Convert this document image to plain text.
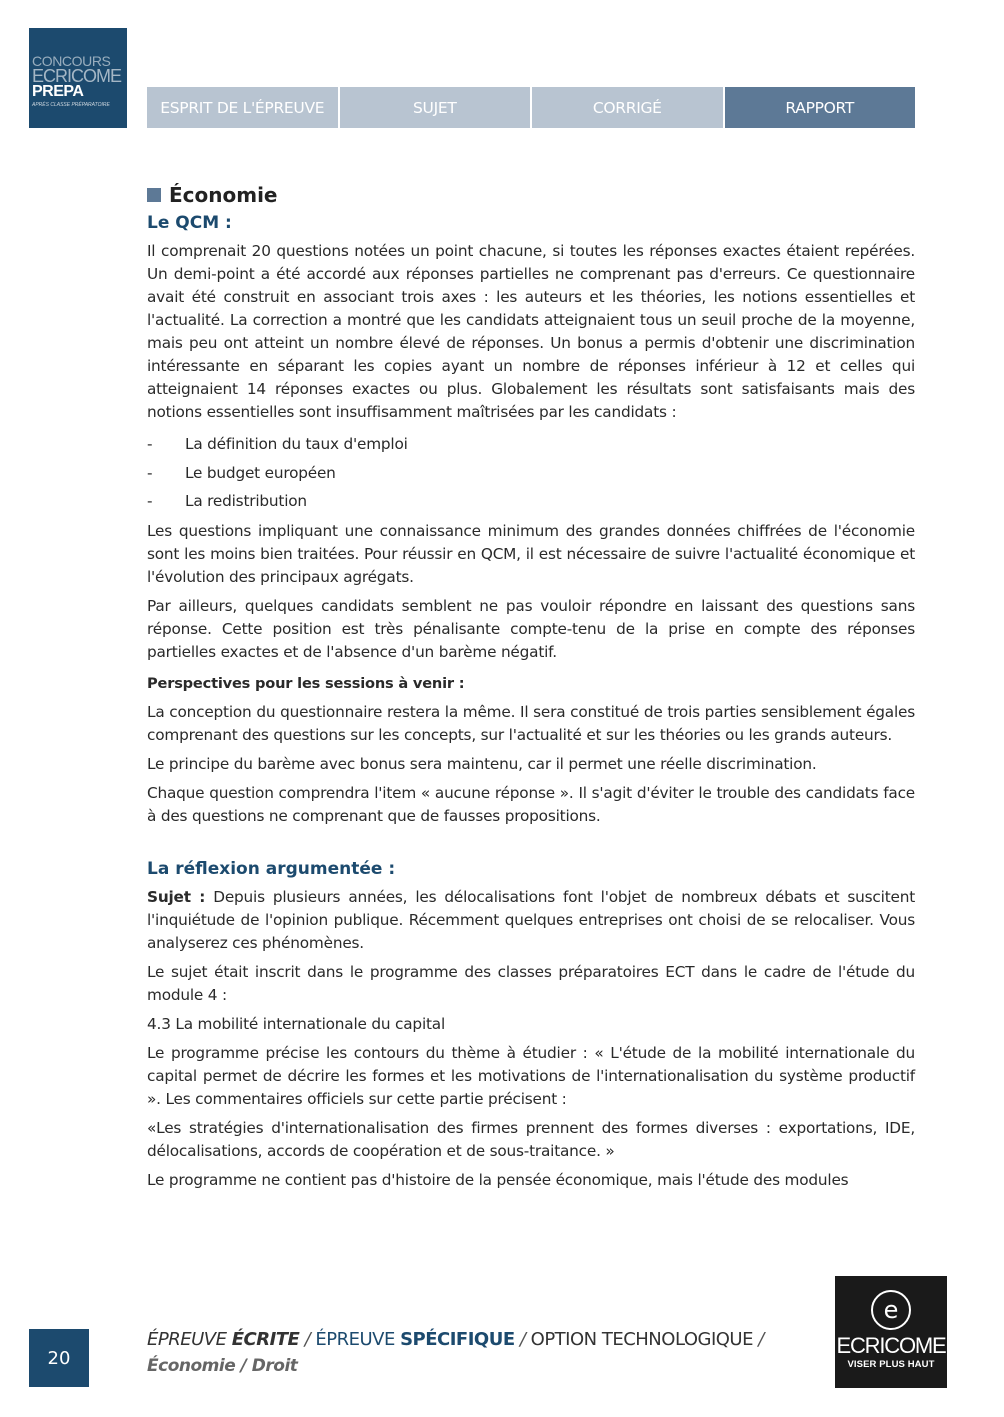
CONCOURS
ECRICOME
PREPA
APRÈS CLASSE PRÉPARATOIRE	ESPRIT DE L'ÉPREUVE	SUJET	CORRIGÉ	RAPPORT
Économie
Le QCM :

Il comprenait 20 questions notées un point chacune, si toutes les réponses exactes étaient repérées. Un demi-point a été accordé aux réponses partielles ne comprenant pas d'erreurs. Ce questionnaire avait été construit en associant trois axes : les auteurs et les théories, les notions essentielles et l'actualité. La correction a montré que les candidats atteignaient tous un seuil proche de la moyenne, mais peu ont atteint un nombre élevé de réponses. Un bonus a permis d'obtenir une discrimination intéressante en séparant les copies ayant un nombre de réponses inférieur à 12 et celles qui atteignaient 14 réponses exactes ou plus. Globalement les résultats sont satisfaisants mais des notions essentielles sont insuffisamment maîtrisées par les candidats :

- La définition du taux d'emploi
- Le budget européen
- La redistribution

Les questions impliquant une connaissance minimum des grandes données chiffrées de l'économie sont les moins bien traitées. Pour réussir en QCM, il est nécessaire de suivre l'actualité économique et l'évolution des principaux agrégats.

Par ailleurs, quelques candidats semblent ne pas vouloir répondre en laissant des questions sans réponse. Cette position est très pénalisante compte-tenu de la prise en compte des réponses partielles exactes et de l'absence d'un barème négatif.

Perspectives pour les sessions à venir :

La conception du questionnaire restera la même. Il sera constitué de trois parties sensiblement égales comprenant des questions sur les concepts, sur l'actualité et sur les théories ou les grands auteurs.

Le principe du barème avec bonus sera maintenu, car il permet une réelle discrimination.

Chaque question comprendra l'item « aucune réponse ». Il s'agit d'éviter le trouble des candidats face à des questions ne comprenant que de fausses propositions.

La réflexion argumentée :

Sujet : Depuis plusieurs années, les délocalisations font l'objet de nombreux débats et suscitent l'inquiétude de l'opinion publique. Récemment quelques entreprises ont choisi de se relocaliser. Vous analyserez ces phénomènes.

Le sujet était inscrit dans le programme des classes préparatoires ECT dans le cadre de l'étude du module 4 :

4.3 La mobilité internationale du capital

Le programme précise les contours du thème à étudier : « L'étude de la mobilité internationale du capital permet de décrire les formes et les motivations de l'internationalisation du système productif ». Les commentaires officiels sur cette partie précisent :

«Les stratégies d'internationalisation des firmes prennent des formes diverses : exportations, IDE, délocalisations, accords de coopération et de sous-traitance. »

Le programme ne contient pas d'histoire de la pensée économique, mais l'étude des modules

20
ÉPREUVE ÉCRITE / ÉPREUVE SPÉCIFIQUE / OPTION TECHNOLOGIQUE /
Économie / Droit
e
ECRICOME
VISER PLUS HAUT
